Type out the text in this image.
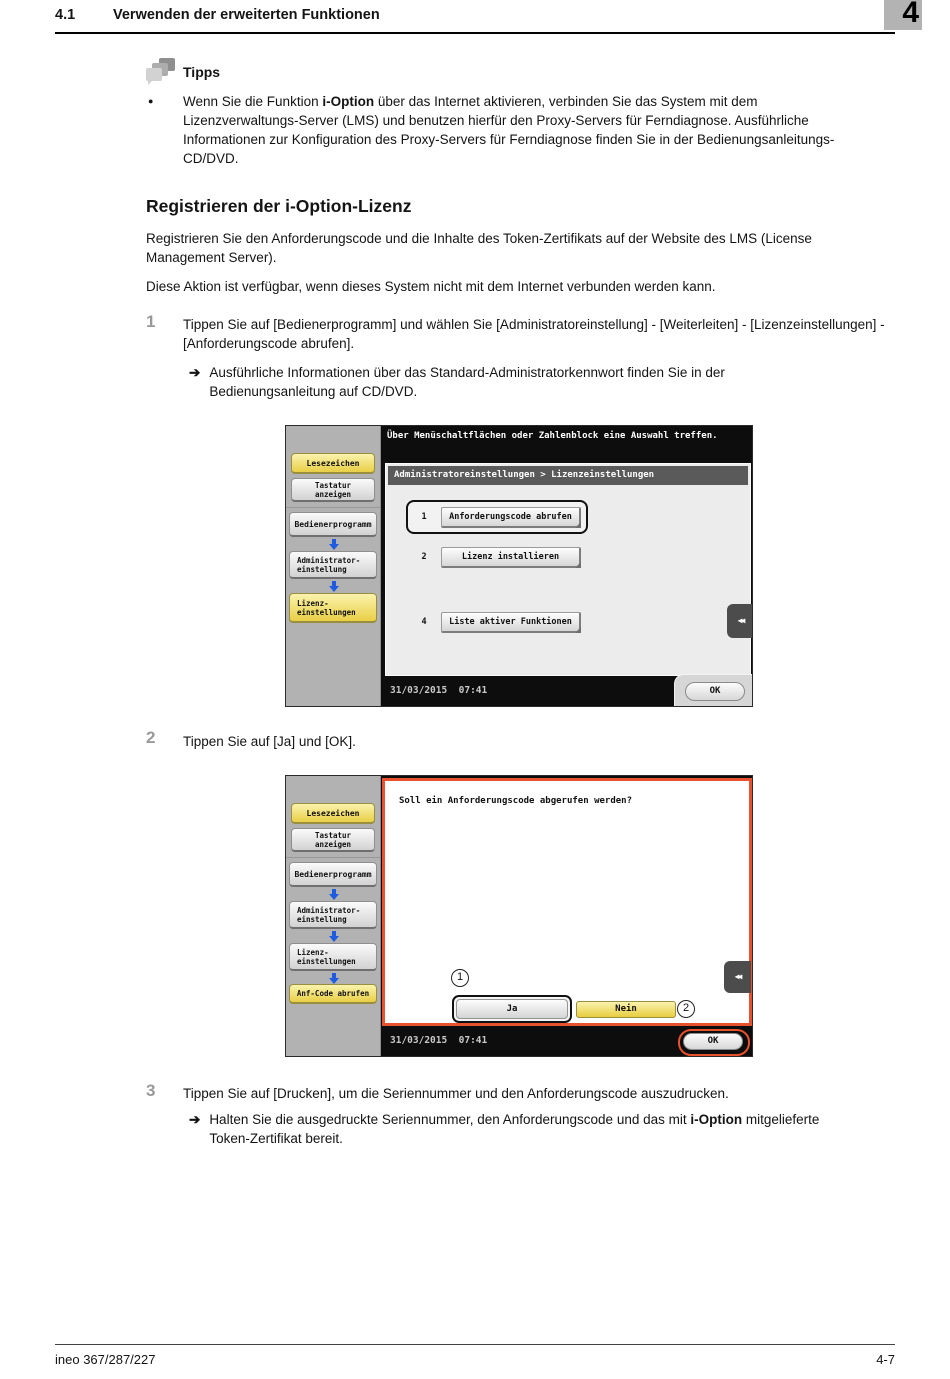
4.1	Verwenden der erweiterten Funktionen	4
Tipps
● Wenn Sie die Funktion i-Option über das Internet aktivieren, verbinden Sie das System mit dem Lizenzverwaltungs-Server (LMS) und benutzen hierfür den Proxy-Servers für Ferndiagnose. Ausführliche Informationen zur Konfiguration des Proxy-Servers für Ferndiagnose finden Sie in der Bedienungsanleitungs-CD/DVD.
Registrieren der i-Option-Lizenz
Registrieren Sie den Anforderungscode und die Inhalte des Token-Zertifikats auf der Website des LMS (License Management Server).
Diese Aktion ist verfügbar, wenn dieses System nicht mit dem Internet verbunden werden kann.
1 Tippen Sie auf [Bedienerprogramm] und wählen Sie [Administratoreinstellung] - [Weiterleiten] - [Lizenzeinstellungen] - [Anforderungscode abrufen].
➔ Ausführliche Informationen über das Standard-Administratorkennwort finden Sie in der Bedienungsanleitung auf CD/DVD.
Lesezeichen
Tastatur
anzeigen
Bedienerprogramm
Administrator-
einstellung
Lizenz-
einstellungen
Über Menüschaltflächen oder Zahlenblock eine Auswahl treffen.
Administratoreinstellungen > Lizenzeinstellungen
1	Anforderungscode abrufen
2	Lizenz installieren
4	Liste aktiver Funktionen	◀◀
31/03/2015  07:41	OK
2 Tippen Sie auf [Ja] und [OK].
Lesezeichen
Tastatur
anzeigen
Bedienerprogramm
Administrator-
einstellung
Lizenz-
einstellungen
Anf-Code abrufen
Soll ein Anforderungscode abgerufen werden?
1
Ja	Nein	2
◀◀
31/03/2015  07:41	OK
3 Tippen Sie auf [Drucken], um die Seriennummer und den Anforderungscode auszudrucken.
➔ Halten Sie die ausgedruckte Seriennummer, den Anforderungscode und das mit i-Option mitgelieferte Token-Zertifikat bereit.
ineo 367/287/227	4-7
